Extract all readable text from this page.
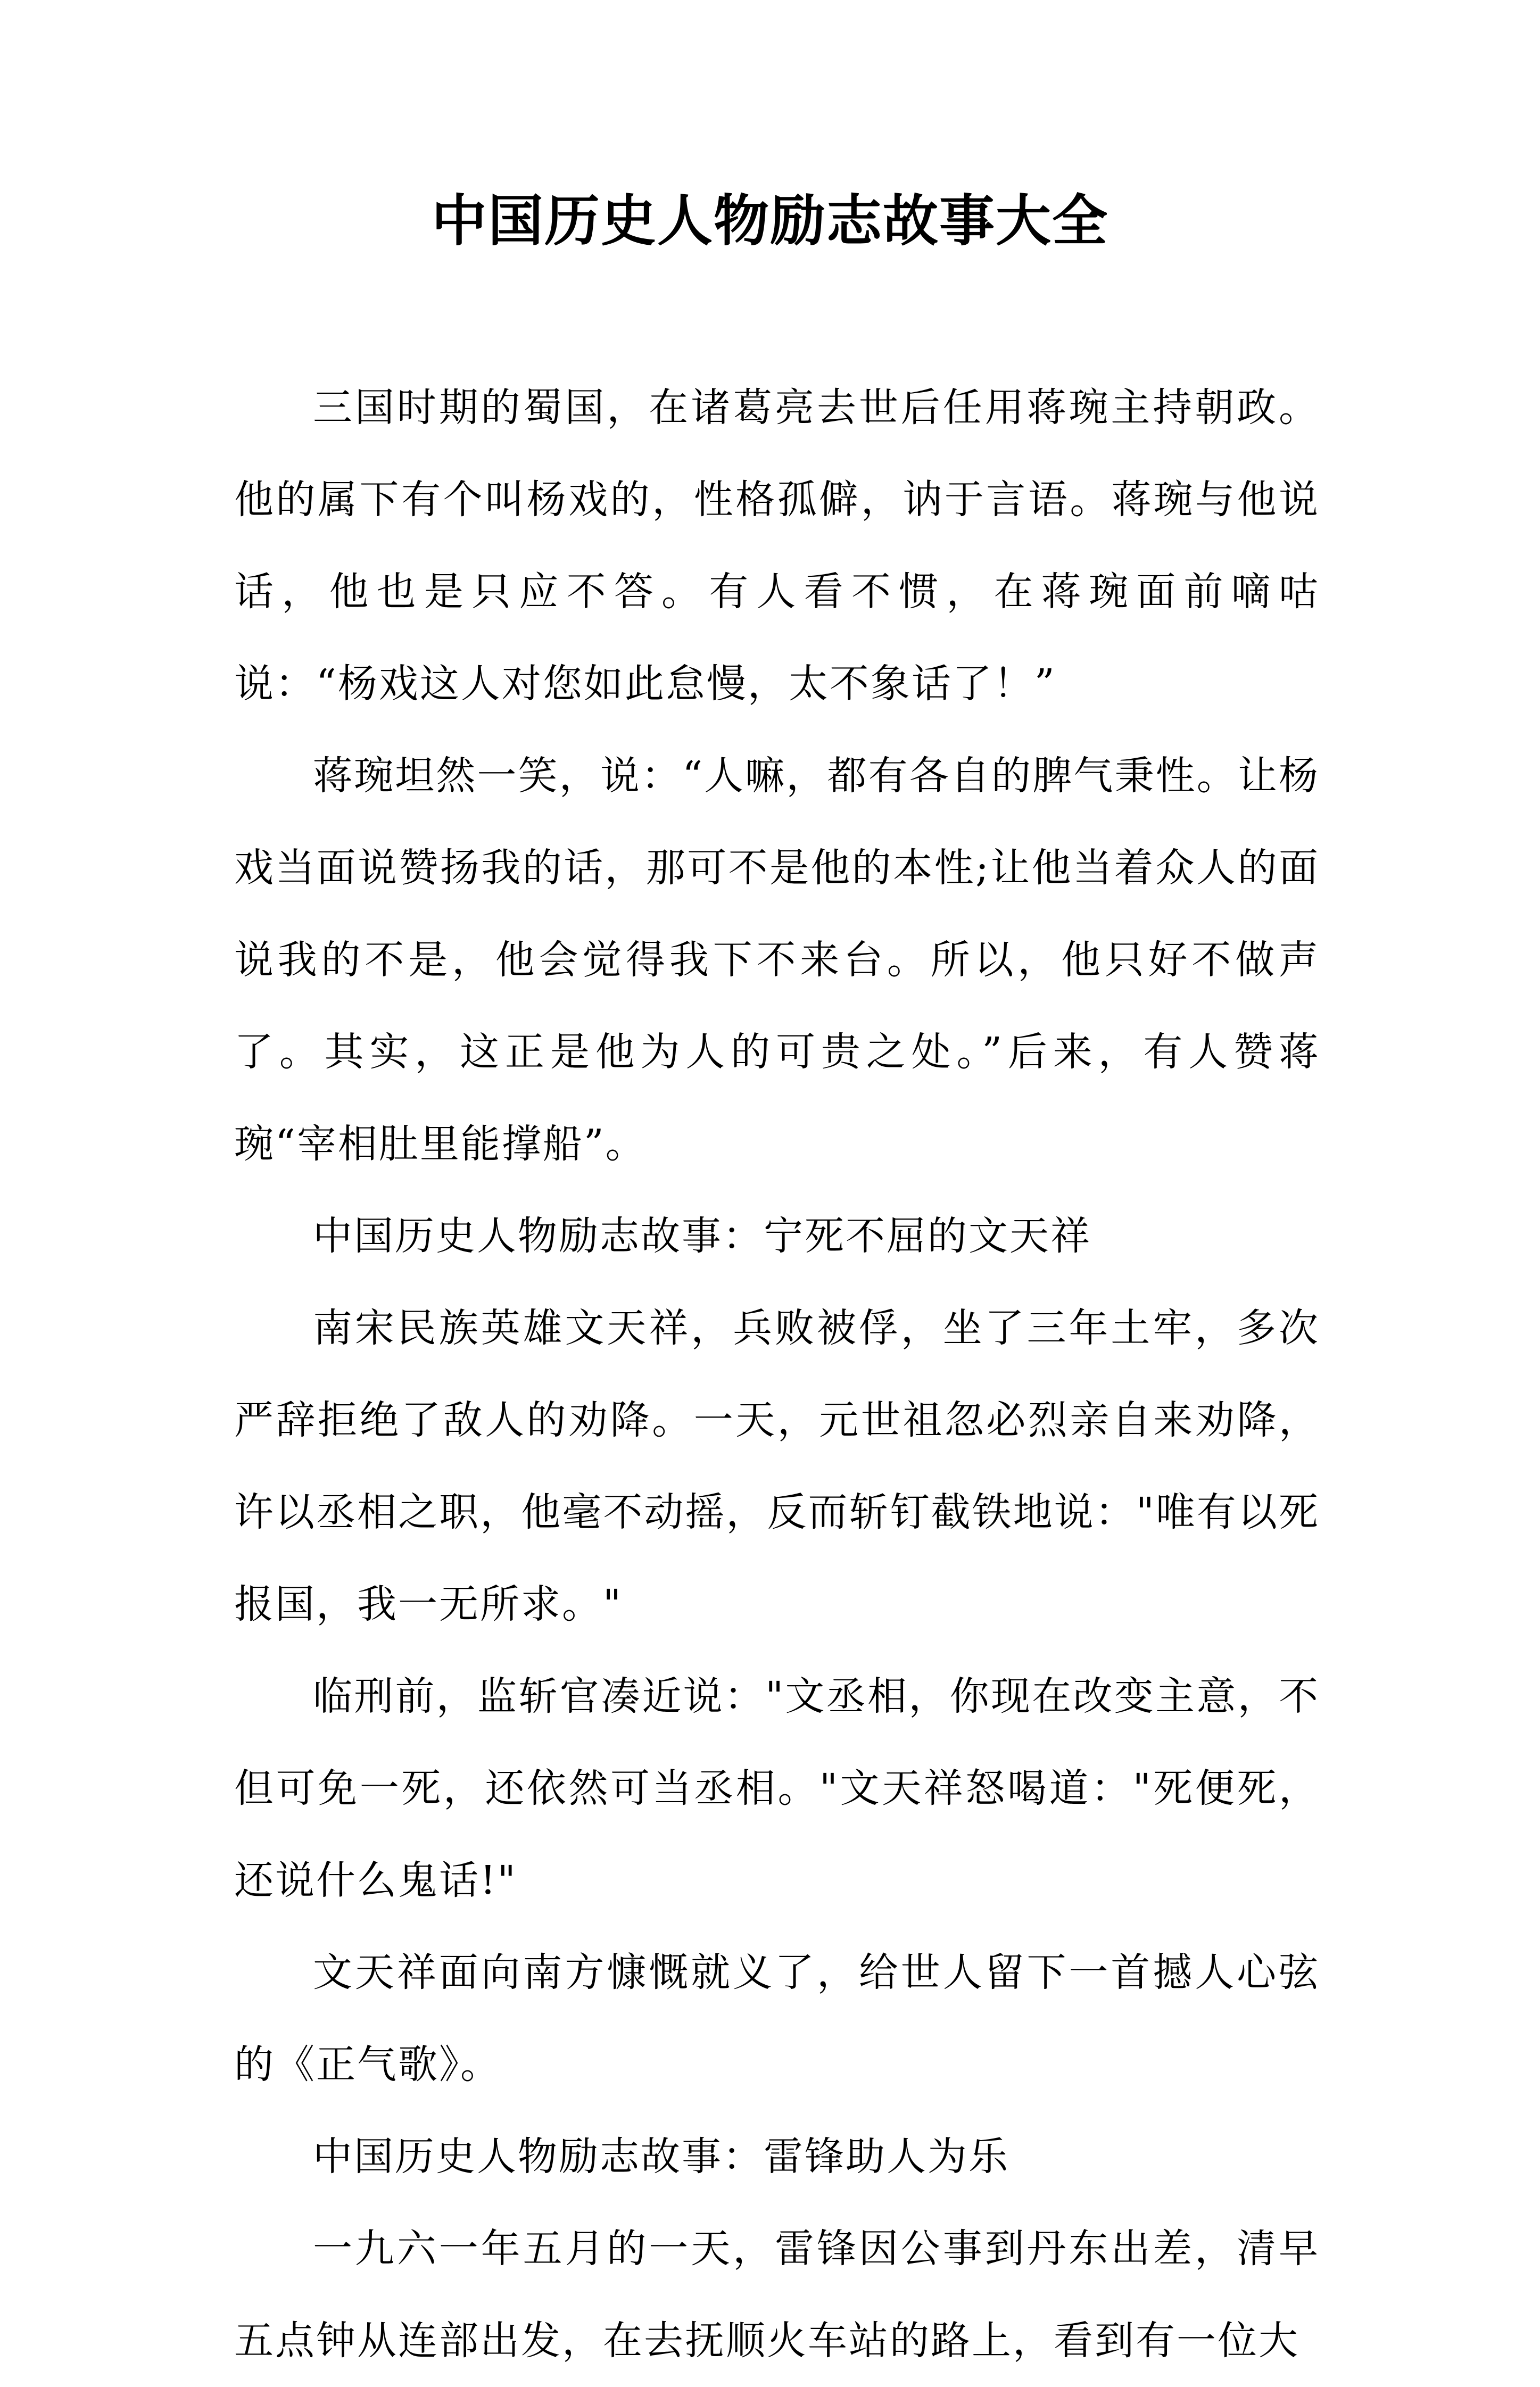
中国历史人物励志故事大全

三国时期的蜀国，在诸葛亮去世后任用蒋琬主持朝政。他的属下有个叫杨戏的，性格孤僻，讷于言语。蒋琬与他说话，他也是只应不答。有人看不惯，在蒋琬面前嘀咕说：“杨戏这人对您如此怠慢，太不象话了！”

蒋琬坦然一笑，说：“人嘛，都有各自的脾气秉性。让杨戏当面说赞扬我的话，那可不是他的本性;让他当着众人的面说我的不是，他会觉得我下不来台。所以，他只好不做声了。其实，这正是他为人的可贵之处。”后来，有人赞蒋琬“宰相肚里能撑船”。

中国历史人物励志故事：宁死不屈的文天祥

南宋民族英雄文天祥，兵败被俘，坐了三年土牢，多次严辞拒绝了敌人的劝降。一天，元世祖忽必烈亲自来劝降，许以丞相之职，他毫不动摇，反而斩钉截铁地说："唯有以死报国，我一无所求。"

临刑前，监斩官凑近说："文丞相，你现在改变主意，不但可免一死，还依然可当丞相。"文天祥怒喝道："死便死，还说什么鬼话!"

文天祥面向南方慷慨就义了，给世人留下一首撼人心弦的《正气歌》。

中国历史人物励志故事：雷锋助人为乐

一九六一年五月的一天，雷锋因公事到丹东出差，清早五点钟从连部出发，在去抚顺火车站的路上，看到有一位大
